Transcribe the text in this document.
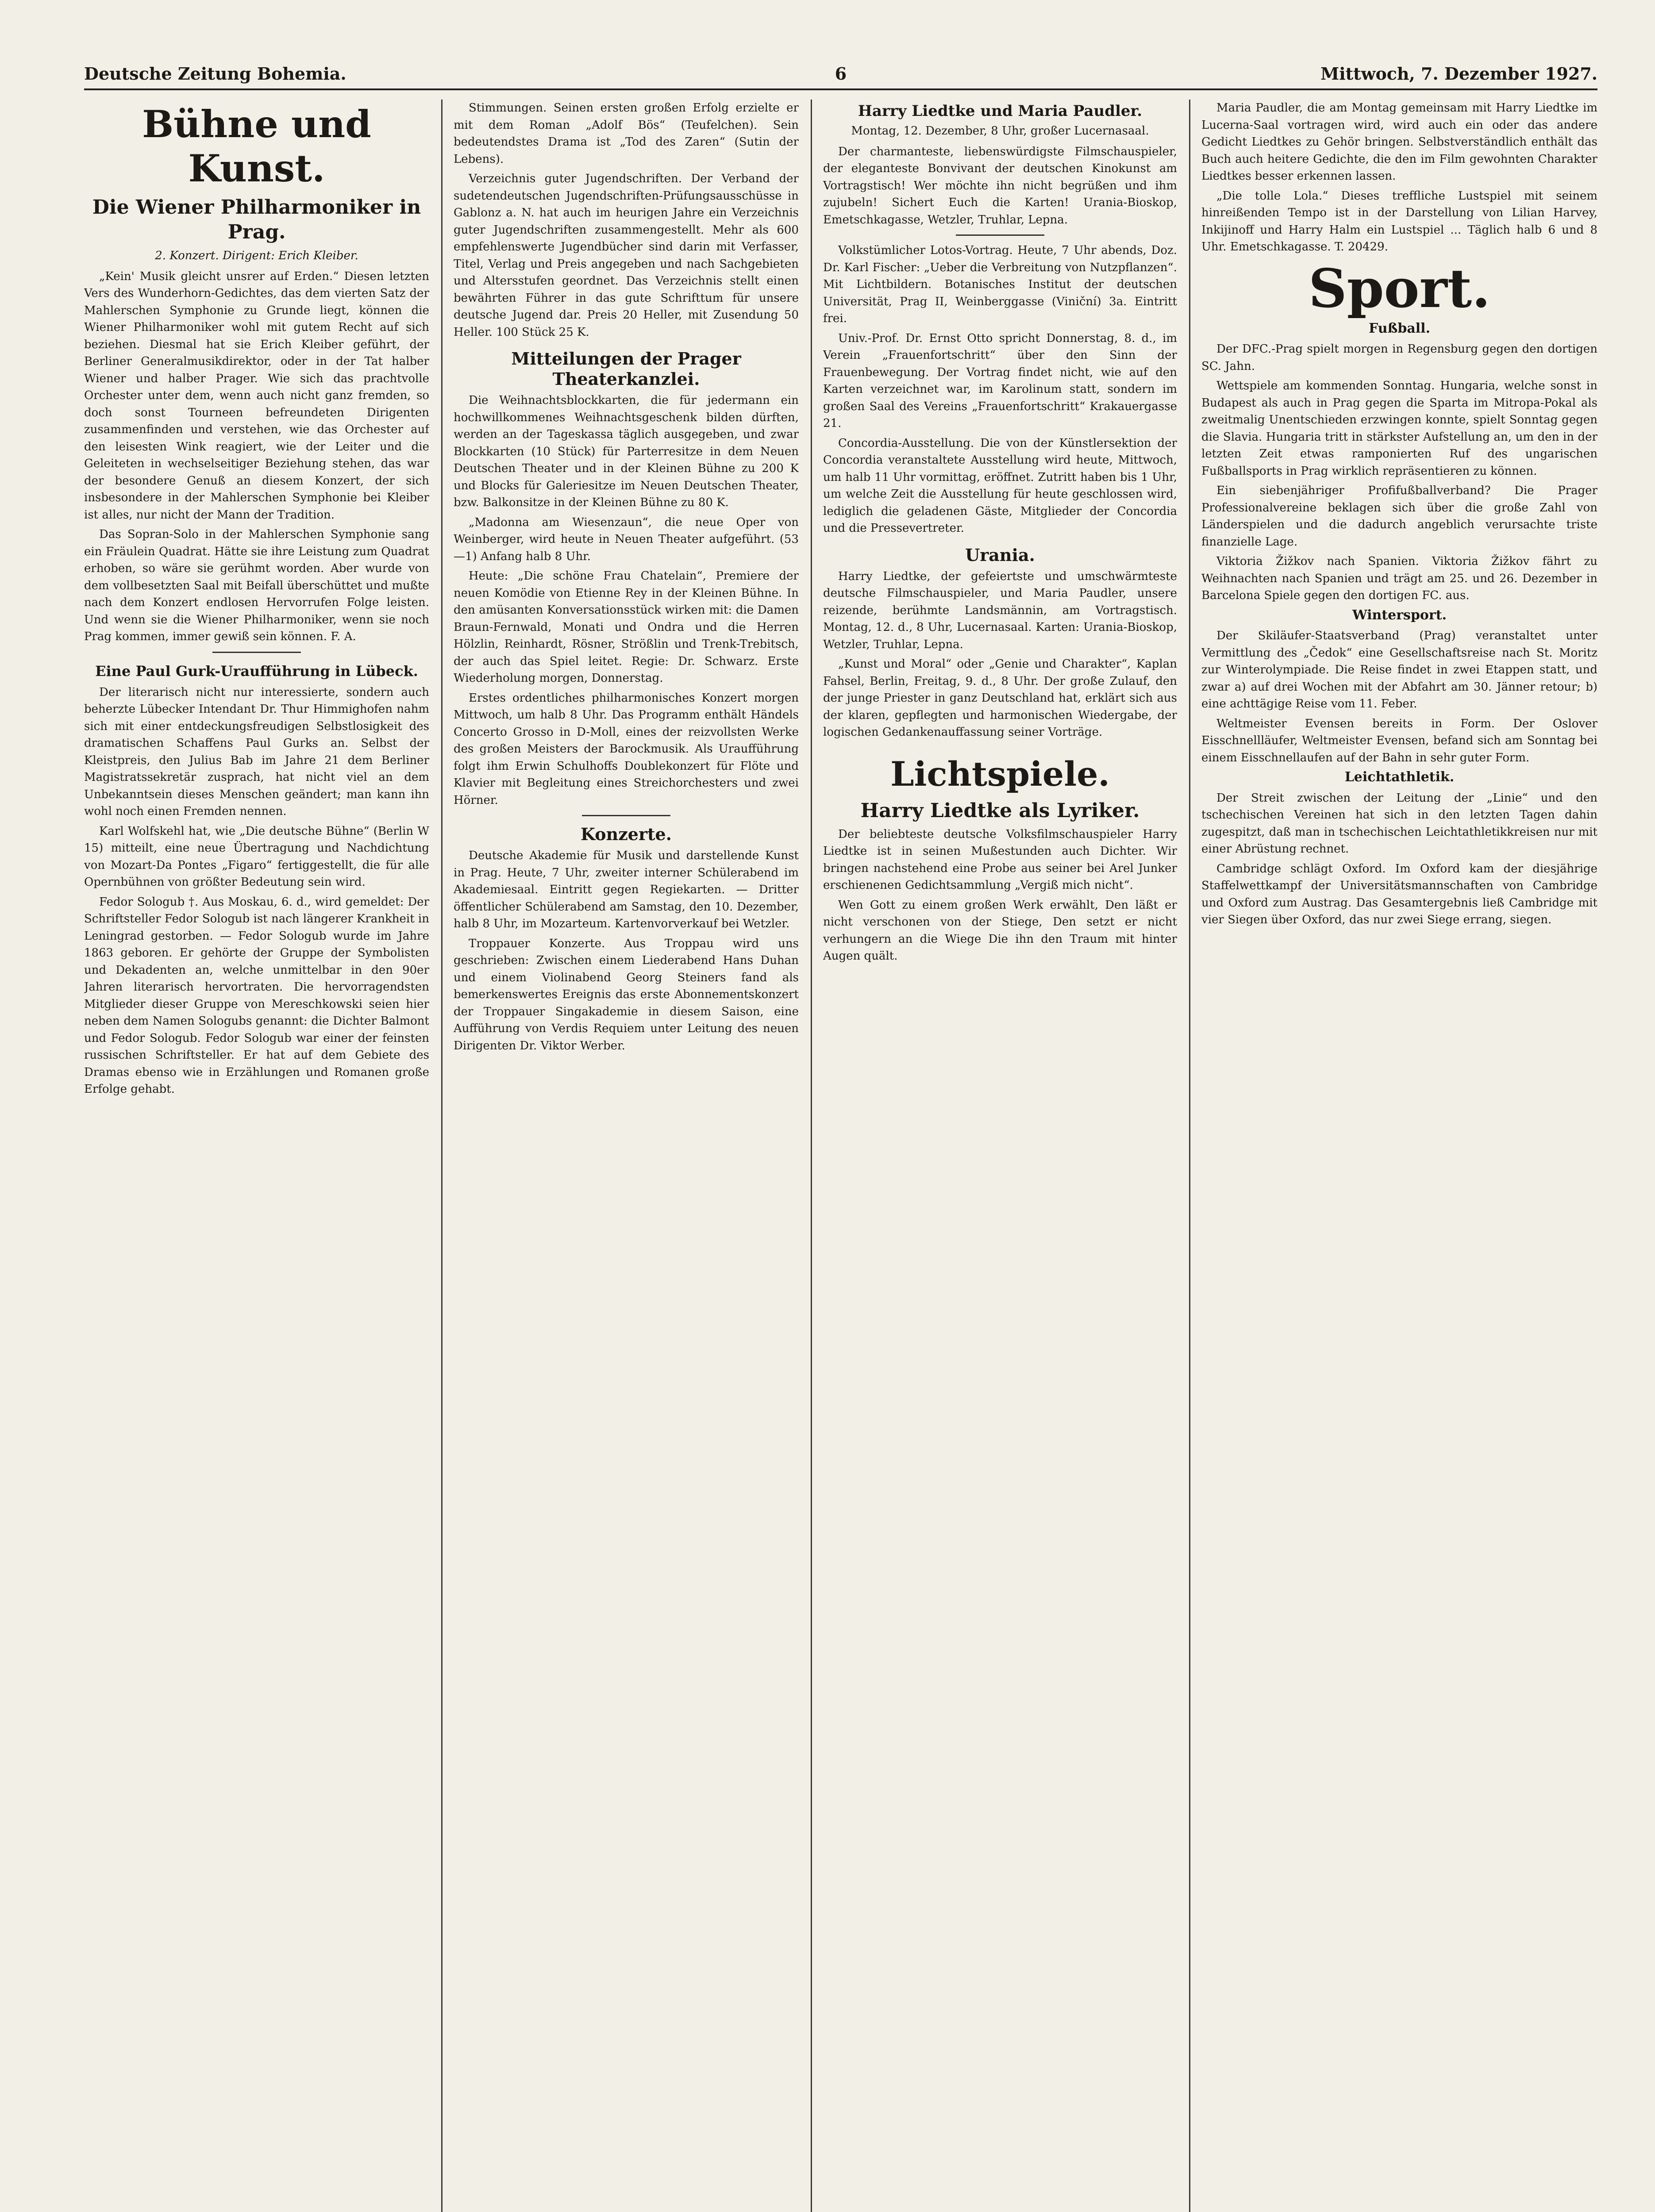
Deutsche Zeitung Bohemia.	6	Mittwoch, 7. Dezember 1927.
Bühne und Kunst.
Die Wiener Philharmoniker in Prag.
2. Konzert. Dirigent: Erich Kleiber.

„Kein' Musik gleicht unsrer auf Erden.“ Diesen letzten Vers des Wunderhorn-Gedichtes, das dem vierten Satz der Mahlerschen Symphonie zu Grunde liegt, können die Wiener Philharmoniker wohl mit gutem Recht auf sich beziehen. Diesmal hat sie Erich Kleiber geführt, der Berliner Generalmusikdirektor, oder in der Tat halber Wiener und halber Prager. Wie sich das prachtvolle Orchester unter dem, wenn auch nicht ganz fremden, so doch sonst Tourneen befreundeten Dirigenten zusammenfinden und verstehen, wie das Orchester auf den leisesten Wink reagiert, wie der Leiter und die Geleiteten in wechselseitiger Beziehung stehen, das war der besondere Genuß an diesem Konzert, der sich insbesondere in der Mahlerschen Symphonie bei Kleiber ist alles, nur nicht der Mann der Tradition.

Das Sopran-Solo in der Mahlerschen Symphonie sang ein Fräulein Quadrat. Hätte sie ihre Leistung zum Quadrat erhoben, so wäre sie gerühmt worden. Aber wurde von dem vollbesetzten Saal mit Beifall überschüttet und mußte nach dem Konzert endlosen Hervorrufen Folge leisten. Und wenn sie die Wiener Philharmoniker, wenn sie noch Prag kommen, immer gewiß sein können. F. A.

Eine Paul Gurk-Uraufführung in Lübeck.

Der literarisch nicht nur interessierte, sondern auch beherzte Lübecker Intendant Dr. Thur Himmighofen nahm sich mit einer entdeckungsfreudigen Selbstlosigkeit des dramatischen Schaffens Paul Gurks an. Selbst der Kleistpreis, den Julius Bab im Jahre 21 dem Berliner Magistratssekretär zusprach, hat nicht viel an dem Unbekanntsein dieses Menschen geändert; man kann ihn wohl noch einen Fremden nennen.

Karl Wolfskehl hat, wie „Die deutsche Bühne“ (Berlin W 15) mitteilt, eine neue Übertragung und Nachdichtung von Mozart-Da Pontes „Figaro“ fertiggestellt, die für alle Opernbühnen von größter Bedeutung sein wird.

Fedor Sologub †. Aus Moskau, 6. d., wird gemeldet: Der Schriftsteller Fedor Sologub ist nach längerer Krankheit in Leningrad gestorben. — Fedor Sologub wurde im Jahre 1863 geboren. Er gehörte der Gruppe der Symbolisten und Dekadenten an, welche unmittelbar in den 90er Jahren literarisch hervortraten. Die hervorragendsten Mitglieder dieser Gruppe von Mereschkowski seien hier neben dem Namen Sologubs genannt: die Dichter Balmont und Fedor Sologub. Fedor Sologub war einer der feinsten russischen Schriftsteller. Er hat auf dem Gebiete des Dramas ebenso wie in Erzählungen und Romanen große Erfolge gehabt.

Stimmungen. Seinen ersten großen Erfolg erzielte er mit dem Roman „Adolf Bös“ (Teufelchen). Sein bedeutendstes Drama ist „Tod des Zaren“ (Sutin der Lebens).

Verzeichnis guter Jugendschriften. Der Verband der sudetendeutschen Jugendschriften-Prüfungsausschüsse in Gablonz a. N. hat auch im heurigen Jahre ein Verzeichnis guter Jugendschriften zusammengestellt. Mehr als 600 empfehlenswerte Jugendbücher sind darin mit Verfasser, Titel, Verlag und Preis angegeben und nach Sachgebieten und Altersstufen geordnet. Das Verzeichnis stellt einen bewährten Führer in das gute Schrifttum für unsere deutsche Jugend dar. Preis 20 Heller, mit Zusendung 50 Heller. 100 Stück 25 K.

Mitteilungen der Prager Theaterkanzlei.

Die Weihnachtsblockkarten, die für jedermann ein hochwillkommenes Weihnachtsgeschenk bilden dürften, werden an der Tageskassa täglich ausgegeben, und zwar Blockkarten (10 Stück) für Parterresitze in dem Neuen Deutschen Theater und in der Kleinen Bühne zu 200 K und Blocks für Galeriesitze im Neuen Deutschen Theater, bzw. Balkonsitze in der Kleinen Bühne zu 80 K.

„Madonna am Wiesenzaun“, die neue Oper von Weinberger, wird heute in Neuen Theater aufgeführt. (53—1) Anfang halb 8 Uhr.

Heute: „Die schöne Frau Chatelain“, Premiere der neuen Komödie von Etienne Rey in der Kleinen Bühne. In den amüsanten Konversationsstück wirken mit: die Damen Braun-Fernwald, Monati und Ondra und die Herren Hölzlin, Reinhardt, Rösner, Strößlin und Trenk-Trebitsch, der auch das Spiel leitet. Regie: Dr. Schwarz. Erste Wiederholung morgen, Donnerstag.

Erstes ordentliches philharmonisches Konzert morgen Mittwoch, um halb 8 Uhr. Das Programm enthält Händels Concerto Grosso in D-Moll, eines der reizvollsten Werke des großen Meisters der Barockmusik. Als Uraufführung folgt ihm Erwin Schulhoffs Doublekonzert für Flöte und Klavier mit Begleitung eines Streichorchesters und zwei Hörner.

Konzerte.

Deutsche Akademie für Musik und darstellende Kunst in Prag. Heute, 7 Uhr, zweiter interner Schülerabend im Akademiesaal. Eintritt gegen Regiekarten. — Dritter öffentlicher Schülerabend am Samstag, den 10. Dezember, halb 8 Uhr, im Mozarteum. Kartenvorverkauf bei Wetzler.

Troppauer Konzerte. Aus Troppau wird uns geschrieben: Zwischen einem Liederabend Hans Duhan und einem Violinabend Georg Steiners fand als bemerkenswertes Ereignis das erste Abonnementskonzert der Troppauer Singakademie in diesem Saison, eine Aufführung von Verdis Requiem unter Leitung des neuen Dirigenten Dr. Viktor Werber.

Harry Liedtke und Maria Paudler.
Montag, 12. Dezember, 8 Uhr, großer Lucernasaal.

Der charmanteste, liebenswürdigste Filmschauspieler, der eleganteste Bonvivant der deutschen Kinokunst am Vortragstisch! Wer möchte ihn nicht begrüßen und ihm zujubeln! Sichert Euch die Karten! Urania-Bioskop, Emetschkagasse, Wetzler, Truhlar, Lepna.

Volkstümlicher Lotos-Vortrag. Heute, 7 Uhr abends, Doz. Dr. Karl Fischer: „Ueber die Verbreitung von Nutzpflanzen“. Mit Lichtbildern. Botanisches Institut der deutschen Universität, Prag II, Weinberggasse (Viniční) 3a. Eintritt frei.

Univ.-Prof. Dr. Ernst Otto spricht Donnerstag, 8. d., im Verein „Frauenfortschritt“ über den Sinn der Frauenbewegung. Der Vortrag findet nicht, wie auf den Karten verzeichnet war, im Karolinum statt, sondern im großen Saal des Vereins „Frauenfortschritt“ Krakauergasse 21.

Concordia-Ausstellung. Die von der Künstlersektion der Concordia veranstaltete Ausstellung wird heute, Mittwoch, um halb 11 Uhr vormittag, eröffnet. Zutritt haben bis 1 Uhr, um welche Zeit die Ausstellung für heute geschlossen wird, lediglich die geladenen Gäste, Mitglieder der Concordia und die Pressevertreter.

Urania.

Harry Liedtke, der gefeiertste und umschwärmteste deutsche Filmschauspieler, und Maria Paudler, unsere reizende, berühmte Landsmännin, am Vortragstisch. Montag, 12. d., 8 Uhr, Lucernasaal. Karten: Urania-Bioskop, Wetzler, Truhlar, Lepna.

„Kunst und Moral“ oder „Genie und Charakter“, Kaplan Fahsel, Berlin, Freitag, 9. d., 8 Uhr. Der große Zulauf, den der junge Priester in ganz Deutschland hat, erklärt sich aus der klaren, gepflegten und harmonischen Wiedergabe, der logischen Gedankenauffassung seiner Vorträge.

Lichtspiele.
Harry Liedtke als Lyriker.

Der beliebteste deutsche Volksfilmschauspieler Harry Liedtke ist in seinen Mußestunden auch Dichter. Wir bringen nachstehend eine Probe aus seiner bei Arel Junker erschienenen Gedichtsammlung „Vergiß mich nicht“.

Wen Gott zu einem großen Werk erwählt, Den läßt er nicht verschonen von der Stiege, Den setzt er nicht verhungern an die Wiege Die ihn den Traum mit hinter Augen quält.

Maria Paudler, die am Montag gemeinsam mit Harry Liedtke im Lucerna-Saal vortragen wird, wird auch ein oder das andere Gedicht Liedtkes zu Gehör bringen. Selbstverständlich enthält das Buch auch heitere Gedichte, die den im Film gewohnten Charakter Liedtkes besser erkennen lassen.

„Die tolle Lola.“ Dieses treffliche Lustspiel mit seinem hinreißenden Tempo ist in der Darstellung von Lilian Harvey, Inkijinoff und Harry Halm ein Lustspiel ... Täglich halb 6 und 8 Uhr. Emetschkagasse. T. 20429.

Sport.
Fußball.

Der DFC.-Prag spielt morgen in Regensburg gegen den dortigen SC. Jahn.

Wettspiele am kommenden Sonntag. Hungaria, welche sonst in Budapest als auch in Prag gegen die Sparta im Mitropa-Pokal als zweitmalig Unentschieden erzwingen konnte, spielt Sonntag gegen die Slavia. Hungaria tritt in stärkster Aufstellung an, um den in der letzten Zeit etwas ramponierten Ruf des ungarischen Fußballsports in Prag wirklich repräsentieren zu können.

Ein siebenjähriger Profifußballverband? Die Prager Professionalvereine beklagen sich über die große Zahl von Länderspielen und die dadurch angeblich verursachte triste finanzielle Lage.

Viktoria Žižkov nach Spanien. Viktoria Žižkov fährt zu Weihnachten nach Spanien und trägt am 25. und 26. Dezember in Barcelona Spiele gegen den dortigen FC. aus.

Wintersport.

Der Skiläufer-Staatsverband (Prag) veranstaltet unter Vermittlung des „Čedok“ eine Gesellschaftsreise nach St. Moritz zur Winterolympiade. Die Reise findet in zwei Etappen statt, und zwar a) auf drei Wochen mit der Abfahrt am 30. Jänner retour; b) eine achttägige Reise vom 11. Feber.

Weltmeister Evensen bereits in Form. Der Oslover Eisschnellläufer, Weltmeister Evensen, befand sich am Sonntag bei einem Eisschnellaufen auf der Bahn in sehr guter Form.

Leichtathletik.

Der Streit zwischen der Leitung der „Linie“ und den tschechischen Vereinen hat sich in den letzten Tagen dahin zugespitzt, daß man in tschechischen Leichtathletikkreisen nur mit einer Abrüstung rechnet.

Cambridge schlägt Oxford. Im Oxford kam der diesjährige Staffelwettkampf der Universitätsmannschaften von Cambridge und Oxford zum Austrag. Das Gesamtergebnis ließ Cambridge mit vier Siegen über Oxford, das nur zwei Siege errang, siegen.
